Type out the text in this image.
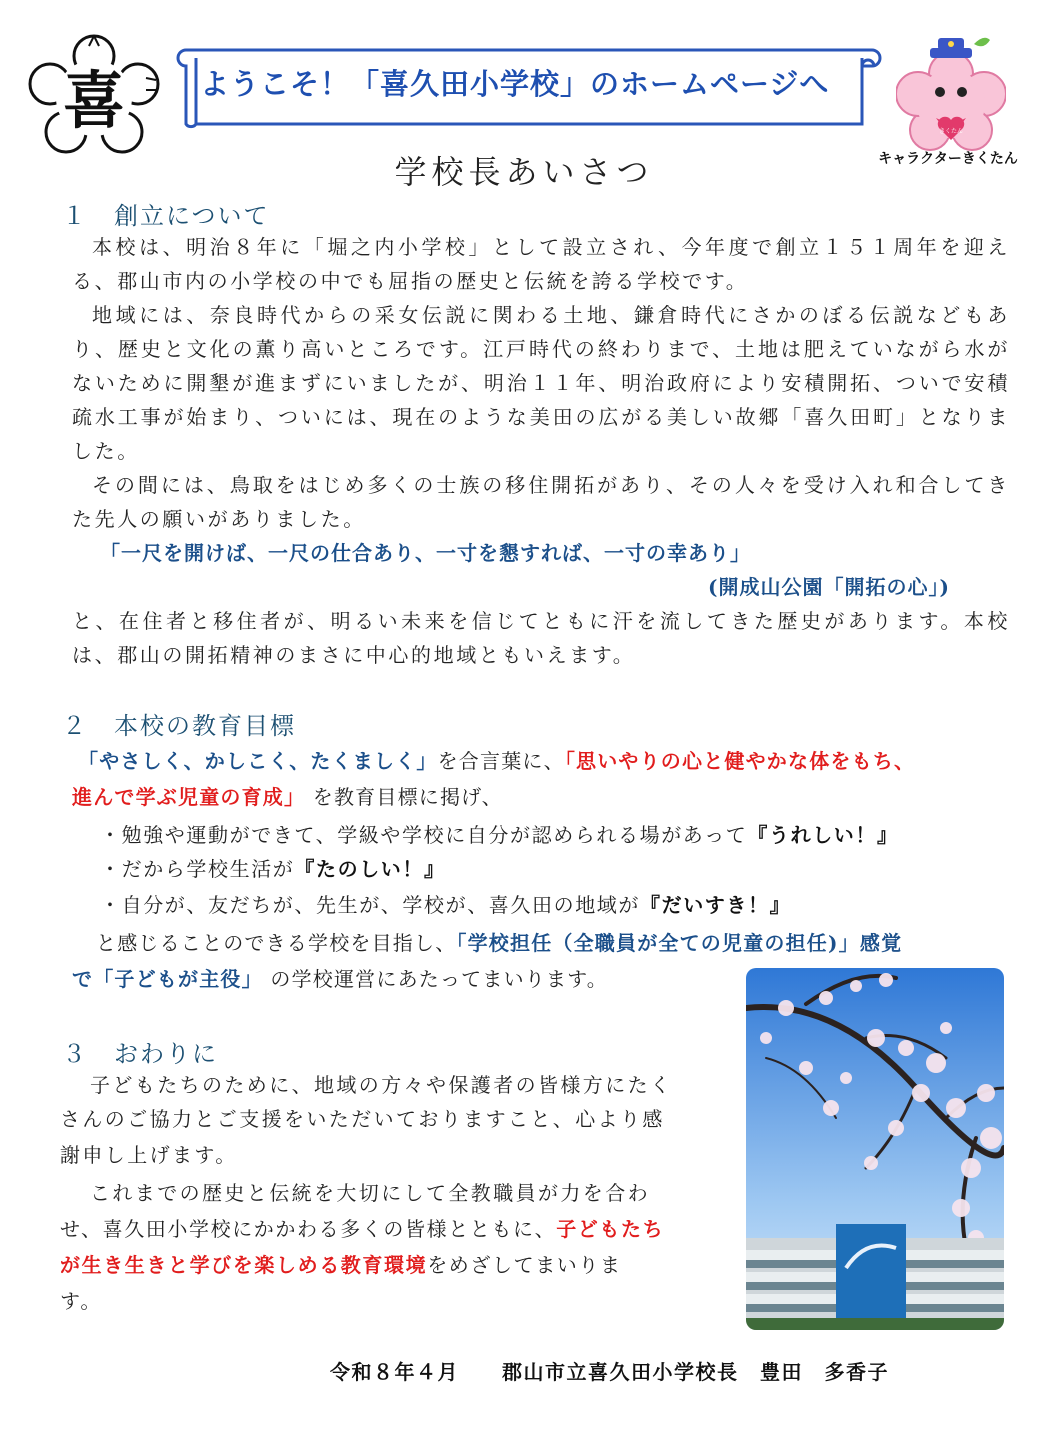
喜	ようこそ！「喜久田小学校」のホームページへ
きくたん
キャラクターきくたん
学校長あいさつ
１　創立について
本校は、明治８年に「堀之内小学校」として設立され、今年度で創立１５１周年を迎える、郡山市内の小学校の中でも屈指の歴史と伝統を誇る学校です。
地域には、奈良時代からの采女伝説に関わる土地、鎌倉時代にさかのぼる伝説などもあり、歴史と文化の薫り高いところです。江戸時代の終わりまで、土地は肥えていながら水がないために開墾が進まずにいましたが、明治１１年、明治政府により安積開拓、ついで安積疏水工事が始まり、ついには、現在のような美田の広がる美しい故郷「喜久田町」となりました。
その間には、鳥取をはじめ多くの士族の移住開拓があり、その人々を受け入れ和合してきた先人の願いがありました。
「一尺を開けば、一尺の仕合あり、一寸を懇すれば、一寸の幸あり」
(開成山公園「開拓の心」)
と、在住者と移住者が、明るい未来を信じてともに汗を流してきた歴史があります。本校は、郡山の開拓精神のまさに中心的地域ともいえます。
２　本校の教育目標
「やさしく、かしこく、たくましく」を合言葉に、「思いやりの心と健やかな体をもち、
進んで学ぶ児童の育成」 を教育目標に掲げ、
・勉強や運動ができて、学級や学校に自分が認められる場があって『うれしい！』
・だから学校生活が『たのしい！』
・自分が、友だちが、先生が、学校が、喜久田の地域が『だいすき！』
と感じることのできる学校を目指し、「学校担任（全職員が全ての児童の担任)」感覚
で「子どもが主役」 の学校運営にあたってまいります。
３　おわりに
子どもたちのために、地域の方々や保護者の皆様方にたく
さんのご協力とご支援をいただいておりますこと、心より感
謝申し上げます。
これまでの歴史と伝統を大切にして全教職員が力を合わ
せ、喜久田小学校にかかわる多くの皆様とともに、子どもたち
が生き生きと学びを楽しめる教育環境をめざしてまいりま
す。
令和８年４月　　郡山市立喜久田小学校長　豊田　多香子
